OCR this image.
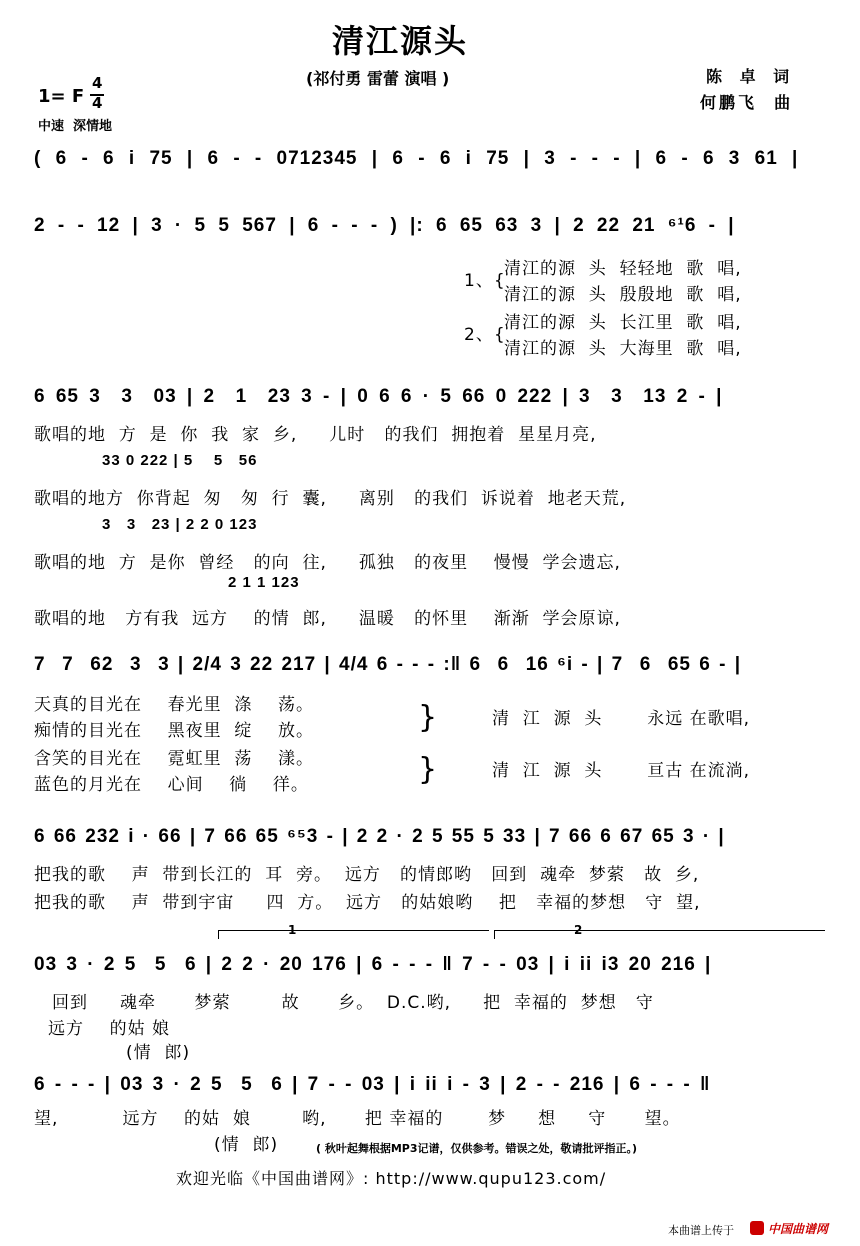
清江源头
(祁付勇 雷蕾 演唱 )	陈 卓 词
何鹏飞  曲
1= F
4
4
中速  深情地
( 6 - 6 i 75 | 6 - - 0712345 | 6 - 6 i 75 | 3 - - - | 6 - 6 3 61 |
2 - - 12 | 3 · 5 5 567 | 6 - - - ) |: 6 65 63 3 | 2 22 21 ⁶¹6 - |
1、{
清江的源  头  轻轻地  歌  唱,
清江的源  头  殷殷地  歌  唱,
2、{
清江的源  头  长江里  歌  唱,
清江的源  头  大海里  歌  唱,
6 65 3  3  03 | 2  1  23 3 - | 0 6 6 · 5 66 0 222 | 3  3  13 2 - |
歌唱的地  方  是  你  我  家  乡,     儿时   的我们  拥抱着  星星月亮,
33 0 222 | 5    5   56
歌唱的地方  你背起  匆   匆  行  囊,     离别   的我们  诉说着  地老天荒,
3   3   23 | 2 2 0 123
歌唱的地  方  是你  曾经   的向  往,     孤独   的夜里    慢慢  学会遗忘,
2 1 1 123
歌唱的地   方有我  远方    的情  郎,     温暖   的怀里    渐渐  学会原谅,
7  7  62  3  3 | 2/4 3 22 217 | 4/4 6 - - - :‖ 6  6  16 ⁶i - | 7  6  65 6 - |
天真的目光在    春光里  涤    荡。
痴情的目光在    黑夜里  绽    放。
含笑的目光在    霓虹里  荡    漾。
蓝色的月光在    心间    徜    徉。
}
}
清  江  源  头       永远 在歌唱,
清  江  源  头       亘古 在流淌,
6 66 232 i · 66 | 7 66 65 ⁶⁵3 - | 2 2 · 2 5 55 5 33 | 7 66 6 67 65 3 · |
把我的歌    声  带到长江的  耳  旁。  远方   的情郎哟   回到  魂牵  梦萦   故  乡,
把我的歌    声  带到宇宙     四  方。  远方   的姑娘哟    把   幸福的梦想   守  望,
1	2
03 3 · 2 5  5  6 | 2 2 · 20 176 | 6 - - - ‖ 7 - - 03 | i ii i3 20 216 |
回到     魂牵      梦萦        故      乡。  D.C.哟,     把  幸福的  梦想   守
远方    的姑 娘
(情  郎)
6 - - - | 03 3 · 2 5  5  6 | 7 - - 03 | i ii i - 3 | 2 - - 216 | 6 - - - ‖
望,          远方    的姑  娘        哟,      把 幸福的       梦     想     守      望。
(情  郎)	( 秋叶起舞根据MP3记谱，仅供参考。错误之处，敬请批评指正。)
欢迎光临《中国曲谱网》: http://www.qupu123.com/
本曲谱上传于	中国曲谱网
